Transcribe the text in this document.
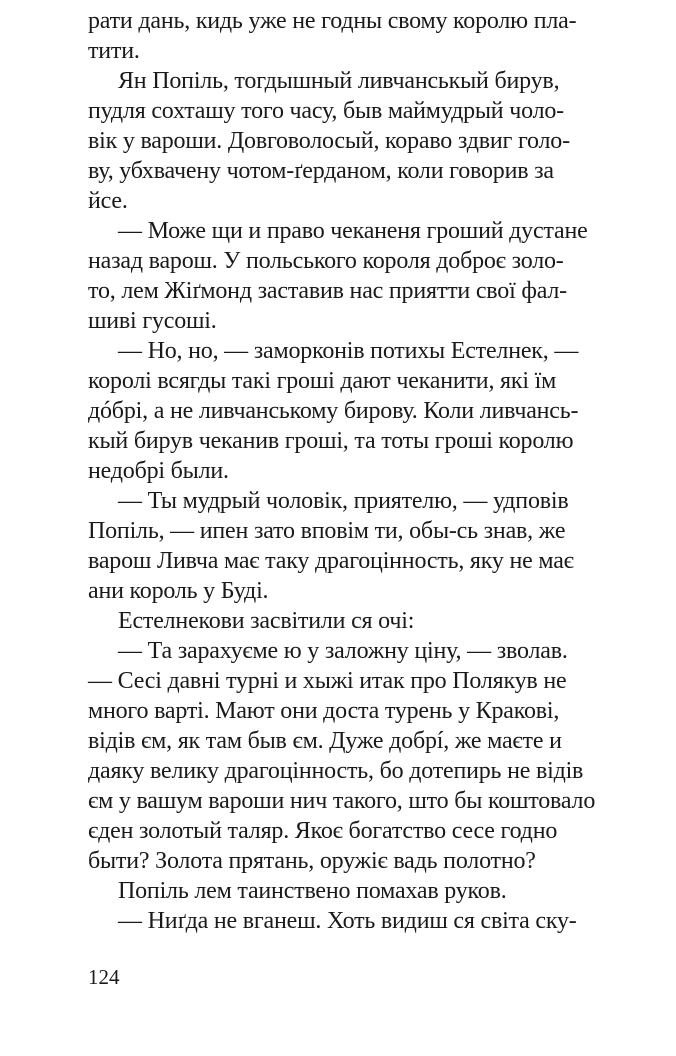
рати дань, кидь уже не годны свому королю пла-
тити.
Ян Попіль, тогдышный ливчанськый бирув,
пудля сохташу того часу, быв маймудрый чоло-
вік у вароши. Довговолосый, кораво здвиг голо-
ву, убхваченy чотом-ґерданом, коли говорив за
йсе.
— Може щи и право чеканеня гроший дустане
назад варош. У польського короля доброє золо-
то, лем Жіґмонд заставив нас приятти свої фал-
шиві гусоші.
— Но, но, — заморконів потихы Естелнек, —
королі всягды такі гроші дают чеканити, які їм
дóбрі, а не ливчанському бирову. Коли ливчансь-
кый бирув чеканив гроші, та тоты гроші королю
недобрі были.
— Ты мудрый чоловік, приятелю, — удповів
Попіль, — ипен зато вповім ти, обы-сь знав, же
варош Ливча має таку драгоцінность, яку не має
ани король у Буді.
Естелнекови засвітили ся очі:
— Та зарахуєме ю у заложну ціну, — зволав.
— Сесі давні турні и хыжі итак про Полякув не
много варті. Мают они доста турень у Кракові,
відів єм, як там быв єм. Дуже добрí, же маєте и
даяку велику драгоцінность, бо дотепирь не відів
єм у вашум вароши нич такого, што бы коштовало
єден золотый таляр. Якоє богатство сесе годно
быти? Золота прятань, оружіє вадь полотно?
Попіль лем таинствено помахав руков.
— Ниґда не вганеш. Хоть видиш ся світа ску-
124
